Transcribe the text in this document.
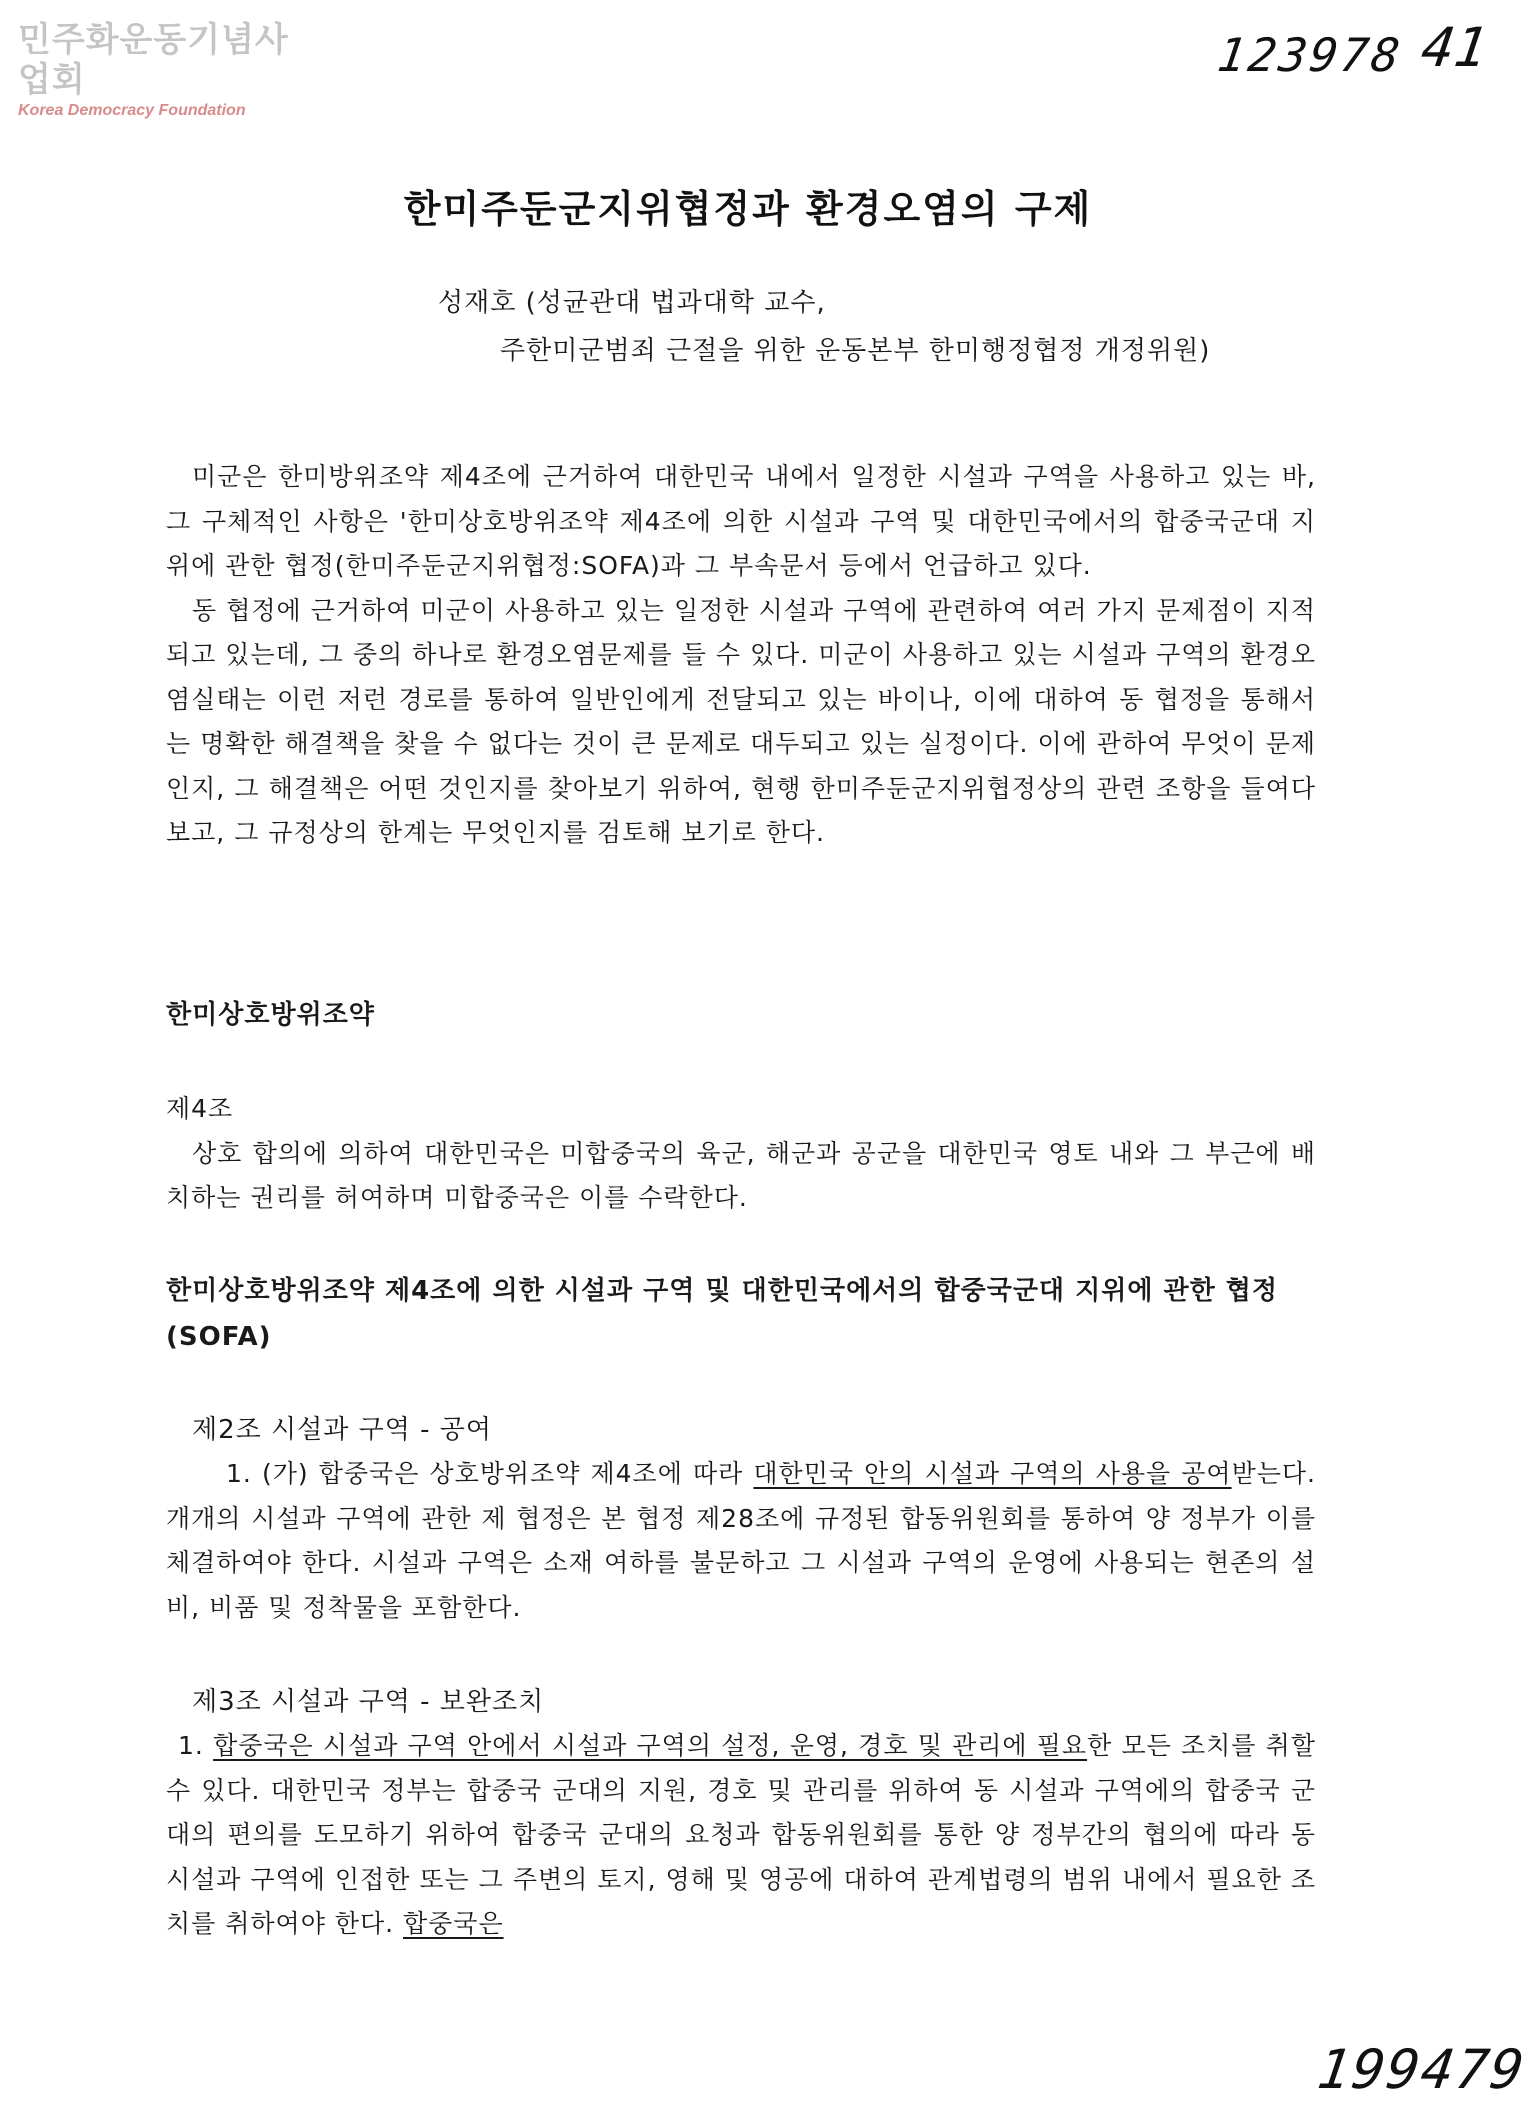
민주화운동기념사업회
Korea Democracy Foundation
123978 41
199479
한미주둔군지위협정과 환경오염의 구제
성재호 (성균관대 법과대학 교수,
주한미군범죄 근절을 위한 운동본부 한미행정협정 개정위원)

미군은 한미방위조약 제4조에 근거하여 대한민국 내에서 일정한 시설과 구역을 사용하고 있는 바, 그 구체적인 사항은 '한미상호방위조약 제4조에 의한 시설과 구역 및 대한민국에서의 합중국군대 지위에 관한 협정(한미주둔군지위협정:SOFA)과 그 부속문서 등에서 언급하고 있다.

동 협정에 근거하여 미군이 사용하고 있는 일정한 시설과 구역에 관련하여 여러 가지 문제점이 지적되고 있는데, 그 중의 하나로 환경오염문제를 들 수 있다. 미군이 사용하고 있는 시설과 구역의 환경오염실태는 이런 저런 경로를 통하여 일반인에게 전달되고 있는 바이나, 이에 대하여 동 협정을 통해서는 명확한 해결책을 찾을 수 없다는 것이 큰 문제로 대두되고 있는 실정이다. 이에 관하여 무엇이 문제인지, 그 해결책은 어떤 것인지를 찾아보기 위하여, 현행 한미주둔군지위협정상의 관련 조항을 들여다보고, 그 규정상의 한계는 무엇인지를 검토해 보기로 한다.

한미상호방위조약

제4조

상호 합의에 의하여 대한민국은 미합중국의 육군, 해군과 공군을 대한민국 영토 내와 그 부근에 배치하는 권리를 허여하며 미합중국은 이를 수락한다.

한미상호방위조약 제4조에 의한 시설과 구역 및 대한민국에서의 합중국군대 지위에 관한 협정(SOFA)

제2조 시설과 구역 - 공여

1. (가) 합중국은 상호방위조약 제4조에 따라 대한민국 안의 시설과 구역의 사용을 공여받는다. 개개의 시설과 구역에 관한 제 협정은 본 협정 제28조에 규정된 합동위원회를 통하여 양 정부가 이를 체결하여야 한다. 시설과 구역은 소재 여하를 불문하고 그 시설과 구역의 운영에 사용되는 현존의 설비, 비품 및 정착물을 포함한다.

제3조 시설과 구역 - 보완조치

1. 합중국은 시설과 구역 안에서 시설과 구역의 설정, 운영, 경호 및 관리에 필요한 모든 조치를 취할 수 있다. 대한민국 정부는 합중국 군대의 지원, 경호 및 관리를 위하여 동 시설과 구역에의 합중국 군대의 편의를 도모하기 위하여 합중국 군대의 요청과 합동위원회를 통한 양 정부간의 협의에 따라 동 시설과 구역에 인접한 또는 그 주변의 토지, 영해 및 영공에 대하여 관계법령의 범위 내에서 필요한 조치를 취하여야 한다. 합중국은
